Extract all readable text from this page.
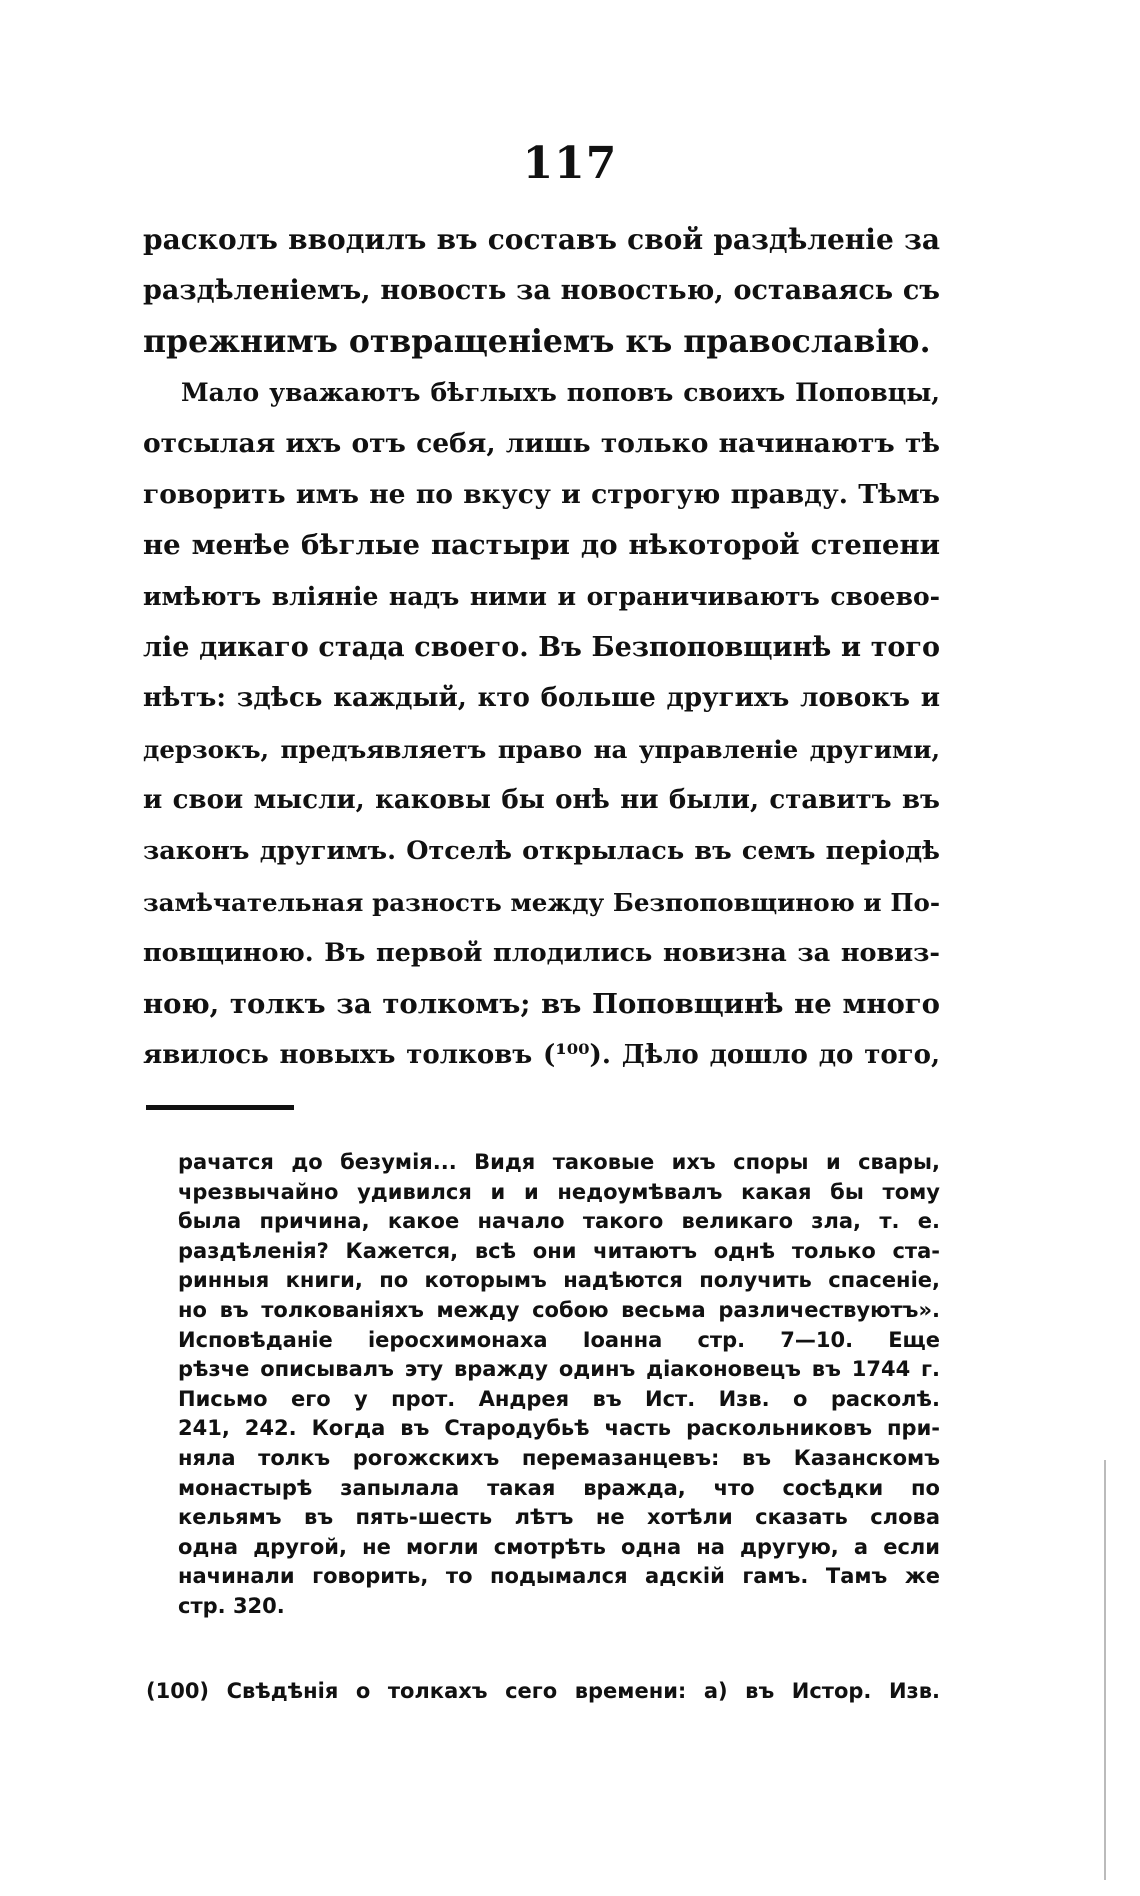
117
расколъ вводилъ въ составъ свой раздѣленіе за
раздѣленіемъ, новость за новостью, оставаясь съ
прежнимъ отвращеніемъ къ православію.
Мало уважаютъ бѣглыхъ поповъ своихъ Поповцы,
отсылая ихъ отъ себя, лишь только начинаютъ тѣ
говорить имъ не по вкусу и строгую правду. Тѣмъ
не менѣе бѣглые пастыри до нѣкоторой степени
имѣютъ вліяніе надъ ними и ограничиваютъ своево-
ліе дикаго стада своего. Въ Безпоповщинѣ и того
нѣтъ: здѣсь каждый, кто больше другихъ ловокъ и
дерзокъ, предъявляетъ право на управленіе другими,
и свои мысли, каковы бы онѣ ни были, ставитъ въ
законъ другимъ. Отселѣ открылась въ семъ періодѣ
замѣчательная разность между Безпоповщиною и По-
повщиною. Въ первой плодились новизна за новиз-
ною, толкъ за толкомъ; въ Поповщинѣ не много
явилось новыхъ толковъ (¹⁰⁰). Дѣло дошло до того,
рачатся до безумія... Видя таковые ихъ споры и свары,
чрезвычайно удивился и и недоумѣвалъ какая бы тому
была причина, какое начало такого великаго зла, т. е.
раздѣленія? Кажется, всѣ они читаютъ однѣ только ста-
ринныя книги, по которымъ надѣются получить спасеніе,
но въ толкованіяхъ между собою весьма различествуютъ».
Исповѣданіе іеросхимонаха Іоанна стр. 7—10. Еще
рѣзче описывалъ эту вражду одинъ діаконовецъ въ 1744 г.
Письмо его у прот. Андрея въ Ист. Изв. о расколѣ.
241, 242. Когда въ Стародубьѣ часть раскольниковъ при-
няла толкъ рогожскихъ перемазанцевъ: въ Казанскомъ
монастырѣ запылала такая вражда, что сосѣдки по
кельямъ въ пять-шесть лѣтъ не хотѣли сказать слова
одна другой, не могли смотрѣть одна на другую, а если
начинали говорить, то подымался адскій гамъ. Тамъ же
стр. 320.
(100) Свѣдѣнія о толкахъ сего времени: а) въ Истор. Изв.
